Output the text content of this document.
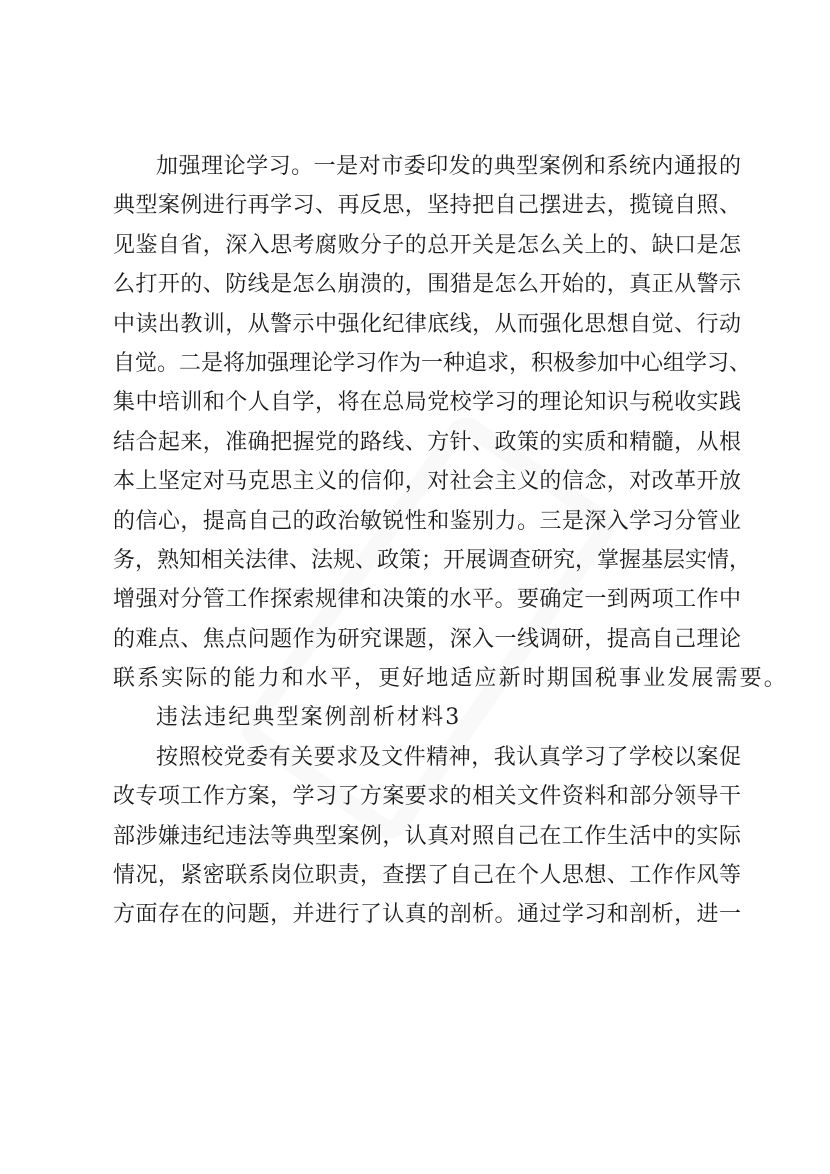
加强理论学习。一是对市委印发的典型案例和系统内通报的
典型案例进行再学习、再反思，坚持把自己摆进去，揽镜自照、
见鉴自省，深入思考腐败分子的总开关是怎么关上的、缺口是怎
么打开的、防线是怎么崩溃的，围猎是怎么开始的，真正从警示
中读出教训，从警示中强化纪律底线，从而强化思想自觉、行动
自觉。二是将加强理论学习作为一种追求，积极参加中心组学习、
集中培训和个人自学，将在总局党校学习的理论知识与税收实践
结合起来，准确把握党的路线、方针、政策的实质和精髓，从根
本上坚定对马克思主义的信仰，对社会主义的信念，对改革开放
的信心，提高自己的政治敏锐性和鉴别力。三是深入学习分管业
务，熟知相关法律、法规、政策；开展调查研究，掌握基层实情，
增强对分管工作探索规律和决策的水平。要确定一到两项工作中
的难点、焦点问题作为研究课题，深入一线调研，提高自己理论
联系实际的能力和水平，更好地适应新时期国税事业发展需要。
违法违纪典型案例剖析材料3
按照校党委有关要求及文件精神，我认真学习了学校以案促
改专项工作方案，学习了方案要求的相关文件资料和部分领导干
部涉嫌违纪违法等典型案例，认真对照自己在工作生活中的实际
情况，紧密联系岗位职责，查摆了自己在个人思想、工作作风等
方面存在的问题，并进行了认真的剖析。通过学习和剖析，进一
